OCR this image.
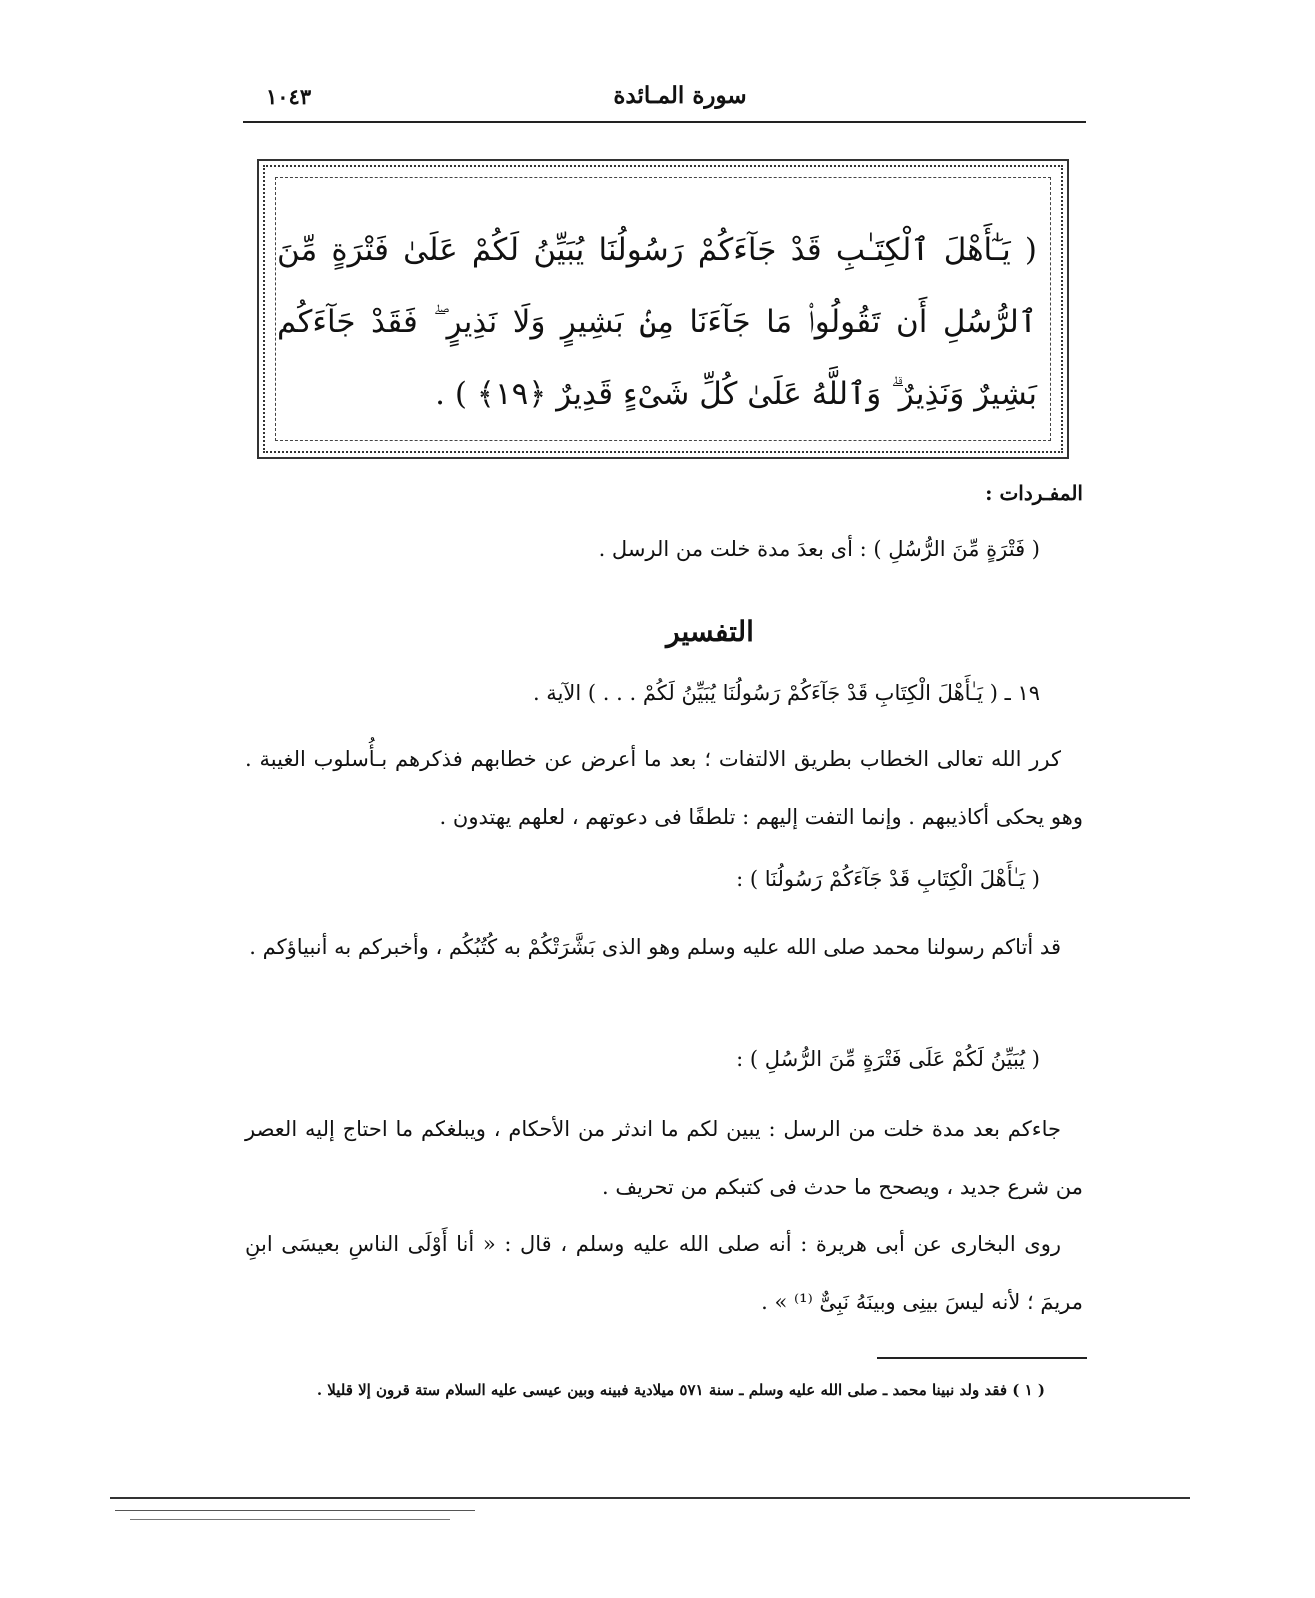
١٠٤٣	سورة المـائدة
( يَـٰٓأَهْلَ ٱلْكِتَـٰبِ قَدْ جَآءَكُمْ رَسُولُنَا يُبَيِّنُ لَكُمْ عَلَىٰ فَتْرَةٍ مِّنَ ٱلرُّسُلِ أَن تَقُولُوا۟ مَا جَآءَنَا مِنۢ بَشِيرٍ وَلَا نَذِيرٍ ۖ فَقَدْ جَآءَكُم بَشِيرٌ وَنَذِيرٌ ۗ وَٱللَّهُ عَلَىٰ كُلِّ شَىْءٍ قَدِيرٌ ﴿١٩﴾ ) .
المفـردات :
( فَتْرَةٍ مِّنَ الرُّسُلِ ) : أى بعدَ مدة خلت من الرسل .
التفسير
١٩ ـ ( يَـٰأَهْلَ الْكِتَابِ قَدْ جَآءَكُمْ رَسُولُنَا يُبَيِّنُ لَكُمْ . . . ) الآية .
كرر الله تعالى الخطاب بطريق الالتفات ؛ بعد ما أعرض عن خطابهم فذكرهم بـأُسلوب الغيبة . وهو يحكى أكاذيبهم . وإنما التفت إليهم : تلطفًا فى دعوتهم ، لعلهم يهتدون .
( يَـٰأَهْلَ الْكِتَابِ قَدْ جَآءَكُمْ رَسُولُنَا ) :
قد أتاكم رسولنا محمد صلى الله عليه وسلم وهو الذى بَشَّرَتْكُمْ به كُتُبُكُم ، وأخبركم به أنبياؤكم .
( يُبَيِّنُ لَكُمْ عَلَى فَتْرَةٍ مِّنَ الرُّسُلِ ) :
جاءكم بعد مدة خلت من الرسل : يبين لكم ما اندثر من الأحكام ، ويبلغكم ما احتاج إليه العصر من شرع جديد ، ويصحح ما حدث فى كتبكم من تحريف .
روى البخارى عن أبى هريرة : أنه صلى الله عليه وسلم ، قال : « أنا أَوْلَى الناسِ بعيسَى ابنِ مريمَ ؛ لأنه ليسَ بينِى وبينَهُ نَبِىٌّ ⁽¹⁾ » .
( ١ ) فقد ولد نبينا محمد ـ صلى الله عليه وسلم ـ سنة ٥٧١ ميلادية فبينه وبين عيسى عليه السلام ستة قرون إلا قليلا .
